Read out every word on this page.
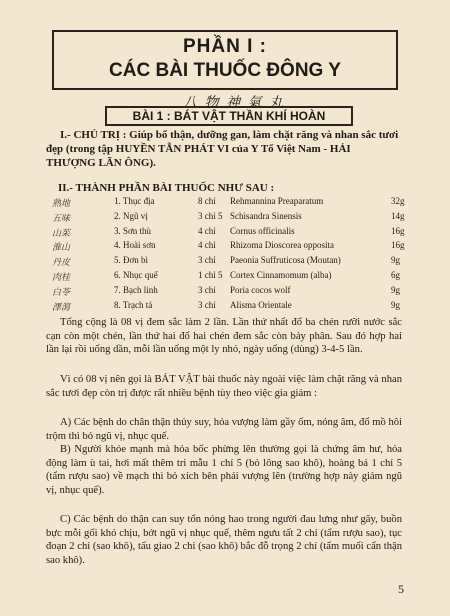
PHẦN I :
CÁC BÀI THUỐC ĐÔNG Y
八 物 神 氣 丸
BÀI 1 : BÁT VẬT THẦN KHÍ HOÀN
I.- CHỦ TRỊ : Giúp bổ thận, dưỡng gan, làm chặt răng và nhan sắc tươi đẹp (trong tập HUYỀN TẪN PHÁT VI của Y Tổ Việt Nam - HẢI THƯỢNG LÃN ÔNG).
II.- THÀNH PHẦN BÀI THUỐC NHƯ SAU :
熟地	1. Thục địa	8 chỉ Rehmannina Preaparatum	32g
五味	2. Ngũ vị	3 chỉ 5 Schisandra Sinensis	14g
山茱	3. Sơn thù	4 chỉ Cornus officinalis	16g
淮山	4. Hoài sơn	4 chỉ Rhizoma Dioscorea opposita	16g
丹皮	5. Đơn bì	3 chỉ Paeonia Suffruticosa (Moutan)	9g
肉桂	6. Nhục quế	1 chỉ 5 Cortex Cinnamomum (alba)	6g
白苓	7. Bạch linh	3 chỉ Poria cocos wolf	9g
澤瀉	8. Trạch tả	3 chỉ Alisma Orientale	9g
Tổng cộng là 08 vị đem sắc làm 2 lần. Lần thứ nhất đổ ba chén rưỡi nước sắc cạn còn một chén, lần thứ hai đổ hai chén đem sắc còn bảy phân. Sau đó hợp hai lần lại rồi uống dần, mỗi lần uống một ly nhỏ, ngày uống (dùng) 3-4-5 lần.
Vì có 08 vị nên gọi là BÁT VẬT bài thuốc này ngoài việc làm chặt răng và nhan sắc tươi đẹp còn trị được rất nhiều bệnh tùy theo việc gia giảm :
A) Các bệnh do chân thận thủy suy, hỏa vượng làm gầy ốm, nóng âm, đổ mồ hôi trộm thì bỏ ngũ vị, nhục quế.
B) Người khỏe mạnh mà hỏa bốc phừng lên thường gọi là chứng âm hư, hỏa động làm ù tai, hơi mất thêm tri mẫu 1 chỉ 5 (bỏ lông sao khô), hoàng bá 1 chỉ 5 (tẩm rượu sao) về mạch thì bỏ xích bên phải vượng lên (trường hợp này giảm ngũ vị, nhục quế).
C) Các bệnh do thận can suy tổn nóng hao trong người đau lưng như gãy, buồn bực mỗi gối khó chịu, bớt ngũ vị nhục quế, thêm ngưu tất 2 chỉ (tẩm rượu sao), tục đoạn 2 chỉ (sao khô), tấu giao 2 chỉ (sao khô) bắc đỗ trọng 2 chỉ (tẩm muối cẩn thận sao khô).
5
